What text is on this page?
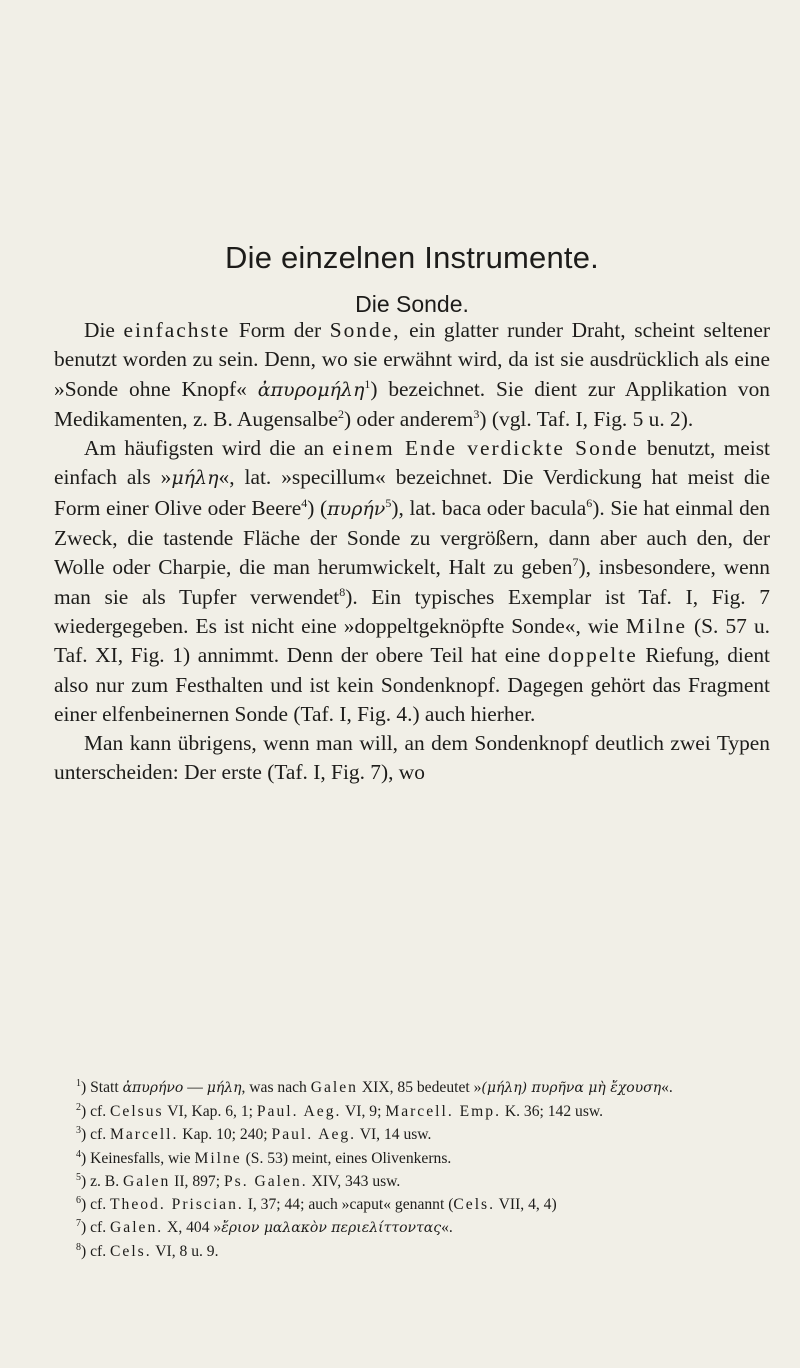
Die einzelnen Instrumente.
Die Sonde.

Die einfachste Form der Sonde, ein glatter runder Draht, scheint seltener benutzt worden zu sein. Denn, wo sie erwähnt wird, da ist sie ausdrücklich als eine »Sonde ohne Knopf« ἀπυρομήλη$^1$) bezeichnet. Sie dient zur Applikation von Medikamenten, z. B. Augensalbe$^2$) oder anderem$^3$) (vgl. Taf. I, Fig. 5 u. 2).

Am häufigsten wird die an einem Ende verdickte Sonde benutzt, meist einfach als »μήλη«, lat. »specillum« bezeichnet. Die Verdickung hat meist die Form einer Olive oder Beere$^4$) (πυρήν$^5$), lat. baca oder bacula$^6$). Sie hat einmal den Zweck, die tastende Fläche der Sonde zu vergrößern, dann aber auch den, der Wolle oder Charpie, die man herumwickelt, Halt zu geben$^7$), insbesondere, wenn man sie als Tupfer verwendet$^8$). Ein typisches Exemplar ist Taf. I, Fig. 7 wiedergegeben. Es ist nicht eine »doppeltgeknöpfte Sonde«, wie Milne (S. 57 u. Taf. XI, Fig. 1) annimmt. Denn der obere Teil hat eine doppelte Riefung, dient also nur zum Festhalten und ist kein Sondenknopf. Dagegen gehört das Fragment einer elfenbeinernen Sonde (Taf. I, Fig. 4.) auch hierher.

Man kann übrigens, wenn man will, an dem Sondenknopf deutlich zwei Typen unterscheiden: Der erste (Taf. I, Fig. 7), wo

$^1$) Statt ἀπυρήνο — μήλη, was nach Galen XIX, 85 bedeutet »(μήλη) πυρῆνα μὴ ἔχουση«.
$^2$) cf. Celsus VI, Kap. 6, 1; Paul. Aeg. VI, 9; Marcell. Emp. K. 36; 142 usw.
$^3$) cf. Marcell. Kap. 10; 240; Paul. Aeg. VI, 14 usw.
$^4$) Keinesfalls, wie Milne (S. 53) meint, eines Olivenkerns.
$^5$) z. B. Galen II, 897; Ps. Galen. XIV, 343 usw.
$^6$) cf. Theod. Priscian. I, 37; 44; auch »caput« genannt (Cels. VII, 4, 4)
$^7$) cf. Galen. X, 404 »ἔριον μαλακὸν περιελίττοντας«.
$^8$) cf. Cels. VI, 8 u. 9.
